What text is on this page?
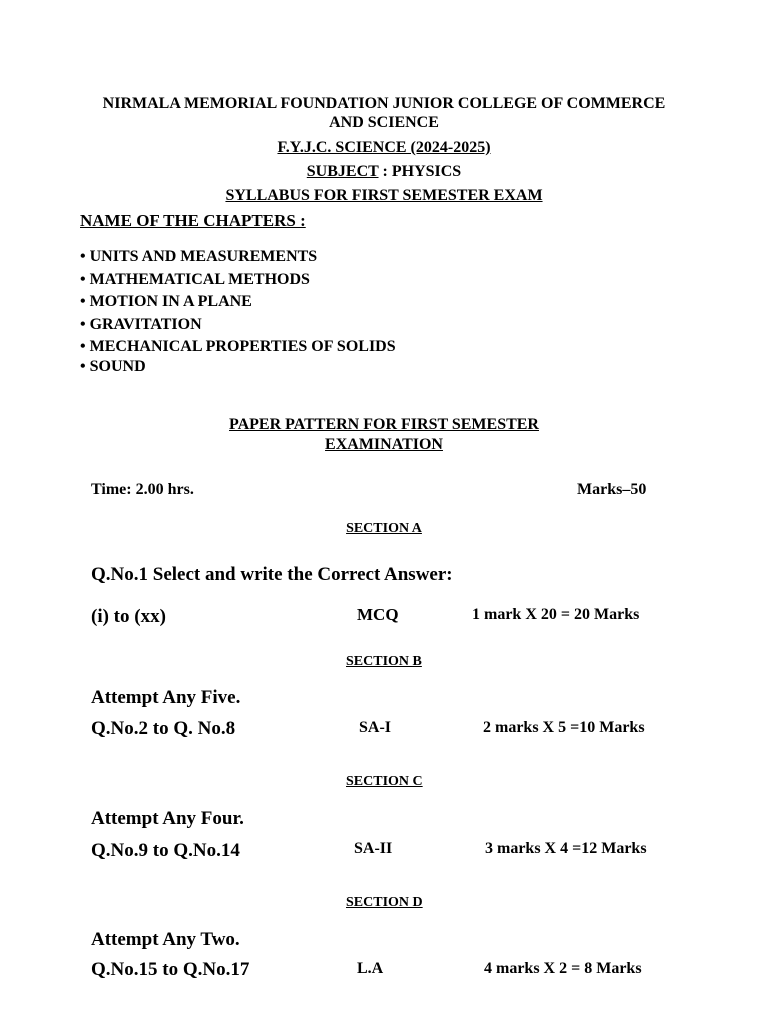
NIRMALA MEMORIAL FOUNDATION JUNIOR COLLEGE OF COMMERCE
AND SCIENCE
F.Y.J.C. SCIENCE (2024-2025)
SUBJECT : PHYSICS
SYLLABUS FOR FIRST SEMESTER EXAM
NAME OF THE CHAPTERS :
• UNITS AND MEASUREMENTS
• MATHEMATICAL METHODS
• MOTION IN A PLANE
• GRAVITATION
• MECHANICAL PROPERTIES OF SOLIDS
• SOUND
PAPER PATTERN FOR FIRST SEMESTER
EXAMINATION
Time: 2.00 hrs.	Marks–50
SECTION A
Q.No.1 Select and write the Correct Answer:
(i) to (xx)	MCQ	1 mark X 20 = 20 Marks
SECTION B
Attempt Any Five.
Q.No.2 to Q. No.8	SA-I	2 marks X 5 =10 Marks
SECTION C
Attempt Any Four.
Q.No.9 to Q.No.14	SA-II	3 marks X 4 =12 Marks
SECTION D
Attempt Any Two.
Q.No.15 to Q.No.17	L.A	4 marks X 2 = 8 Marks
